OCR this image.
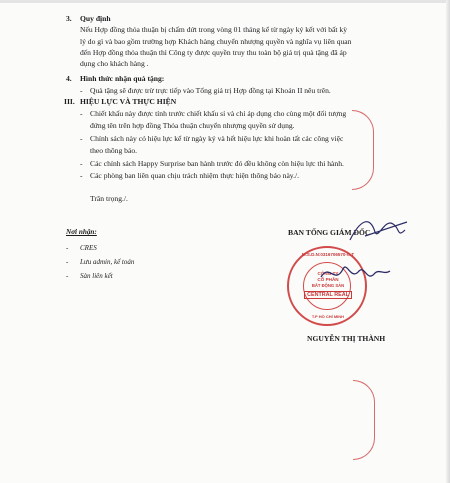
3. Quy định
Nếu Hợp đồng thỏa thuận bị chấm dứt trong vòng 01 tháng kể từ ngày ký kết với bất kỳ
lý do gì và bao gồm trường hợp Khách hàng chuyển nhượng quyền và nghĩa vụ liên quan
đến Hợp đồng thỏa thuận thì Công ty được quyền truy thu toàn bộ giá trị quà tặng đã áp
dụng cho khách hàng .
4. Hình thức nhận quà tặng:
- Quà tặng sẽ được trừ trực tiếp vào Tổng giá trị Hợp đồng tại Khoản II nêu trên.
III. HIỆU LỰC VÀ THỰC HIỆN
- Chiết khấu này được tính trước chiết khấu sỉ và chỉ áp dụng cho cùng một đối tượng
đứng tên trên hợp đồng Thỏa thuận chuyển nhượng quyền sử dụng.
- Chính sách này có hiệu lực kể từ ngày ký và hết hiệu lực khi hoàn tất các công việc
theo thông báo.
- Các chính sách Happy Surprise ban hành trước đó đều không còn hiệu lực thi hành.
- Các phòng ban liên quan chịu trách nhiệm thực hiện thông báo này./.
Trân trọng./.
Nơi nhận:
- CRES
- Lưu admin, kế toán
- Sàn liên kết
BAN TỔNG GIÁM ĐỐC
M.S.D.N:0316706570-C.T
CÔNG TY
CỔ PHẦN
BẤT ĐỘNG SẢN
CENTRAL REAL
T.P HỒ CHÍ MINH
NGUYỄN THỊ THÀNH
